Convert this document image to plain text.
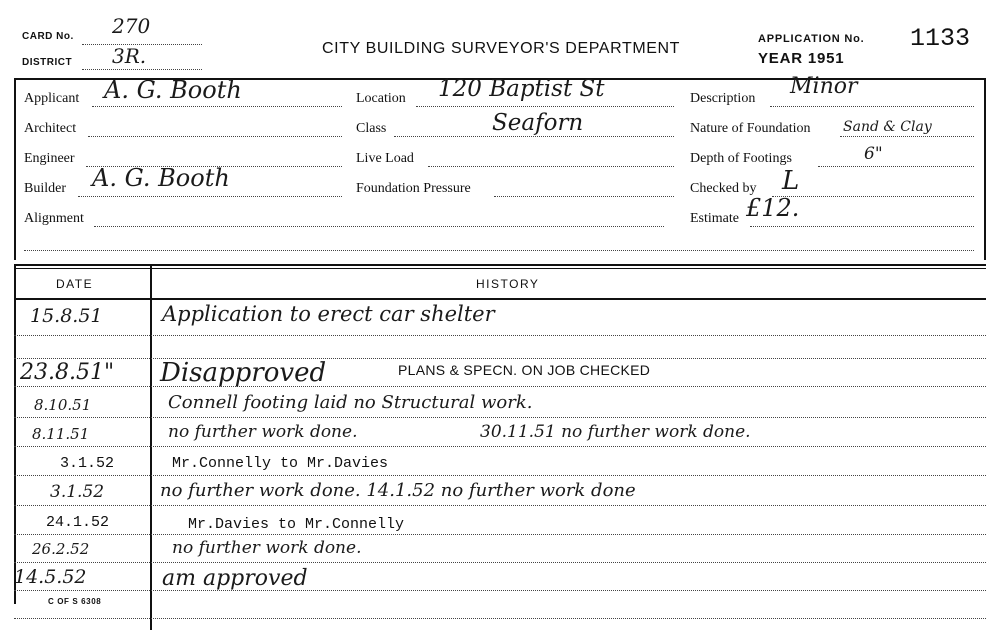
CARD No. 270
DISTRICT 3R.	CITY BUILDING SURVEYOR'S DEPARTMENT
APPLICATION No. 1133
YEAR 1951
Applicant A. G. Booth
Architect
Engineer
Builder A. G. Booth
Alignment
Location 120 Baptist St
Class	Seaforn
Live Load
Foundation Pressure
Description Minor
Nature of Foundation Sand & Clay
Depth of Footings	6"
Checked by L
Estimate £12.
DATE	HISTORY
15.8.51	Application to erect car shelter
23.8.51" Disapproved	PLANS & SPECN. ON JOB CHECKED
8.10.51	Connell footing laid no Structural work.
8.11.51	no further work done.	30.11.51 no further work done.
3.1.52	Mr.Connelly to Mr.Davies
3.1.52	no further work done. 14.1.52 no further work done
24.1.52	Mr.Davies to Mr.Connelly
26.2.52	no further work done.
14.5.52	am approved
C OF S 6308
